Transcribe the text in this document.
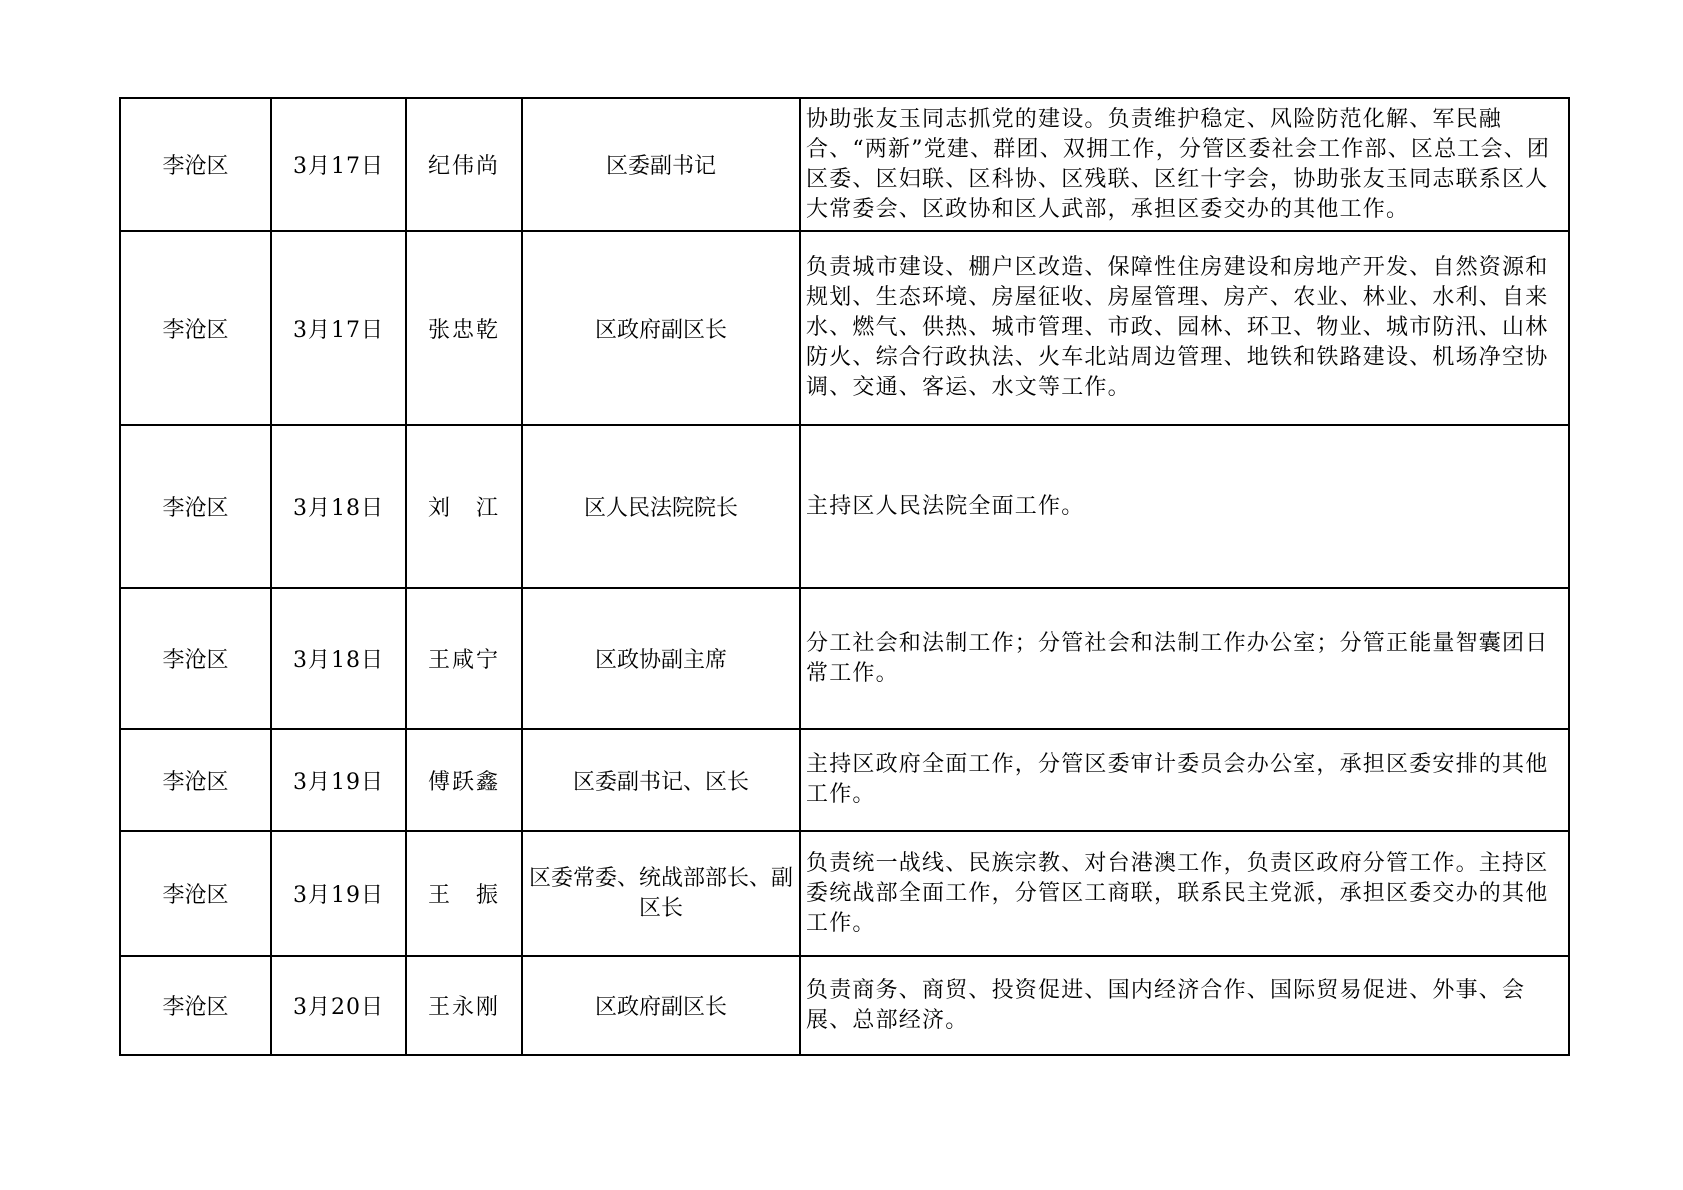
李沧区	3月17日	纪伟尚	区委副书记	协助张友玉同志抓党的建设。负责维护稳定、风险防范化解、军民融合、“两新”党建、群团、双拥工作，分管区委社会工作部、区总工会、团区委、区妇联、区科协、区残联、区红十字会，协助张友玉同志联系区人大常委会、区政协和区人武部，承担区委交办的其他工作。
李沧区	3月17日	张忠乾	区政府副区长	负责城市建设、棚户区改造、保障性住房建设和房地产开发、自然资源和规划、生态环境、房屋征收、房屋管理、房产、农业、林业、水利、自来水、燃气、供热、城市管理、市政、园林、环卫、物业、城市防汛、山林防火、综合行政执法、火车北站周边管理、地铁和铁路建设、机场净空协调、交通、客运、水文等工作。
李沧区	3月18日	刘　江	区人民法院院长	主持区人民法院全面工作。
李沧区	3月18日	王咸宁	区政协副主席	分工社会和法制工作；分管社会和法制工作办公室；分管正能量智囊团日常工作。
李沧区	3月19日	傅跃鑫	区委副书记、区长	主持区政府全面工作，分管区委审计委员会办公室，承担区委安排的其他工作。
李沧区	3月19日	王　振	区委常委、统战部部长、副区长	负责统一战线、民族宗教、对台港澳工作，负责区政府分管工作。主持区委统战部全面工作，分管区工商联，联系民主党派，承担区委交办的其他工作。
李沧区	3月20日	王永刚	区政府副区长	负责商务、商贸、投资促进、国内经济合作、国际贸易促进、外事、会展、总部经济。
